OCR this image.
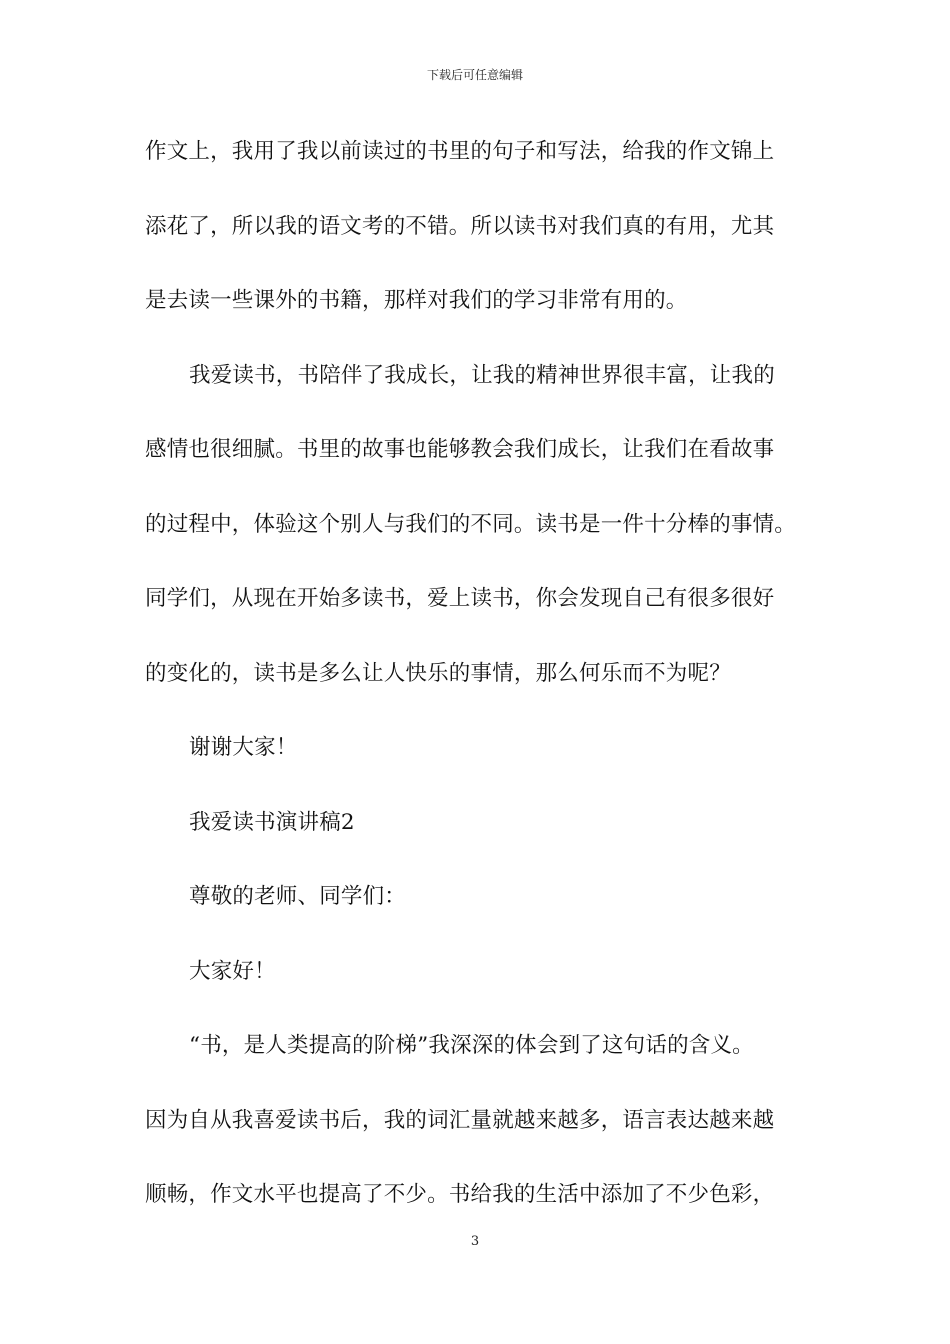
下载后可任意编辑
作文上，我用了我以前读过的书里的句子和写法，给我的作文锦上
添花了，所以我的语文考的不错。所以读书对我们真的有用，尤其
是去读一些课外的书籍，那样对我们的学习非常有用的。
我爱读书，书陪伴了我成长，让我的精神世界很丰富，让我的
感情也很细腻。书里的故事也能够教会我们成长，让我们在看故事
的过程中，体验这个别人与我们的不同。读书是一件十分棒的事情。
同学们，从现在开始多读书，爱上读书，你会发现自己有很多很好
的变化的，读书是多么让人快乐的事情，那么何乐而不为呢？
谢谢大家！
我爱读书演讲稿2
尊敬的老师、同学们：
大家好！
“书，是人类提高的阶梯”我深深的体会到了这句话的含义。
因为自从我喜爱读书后，我的词汇量就越来越多，语言表达越来越
顺畅，作文水平也提高了不少。书给我的生活中添加了不少色彩，
3
